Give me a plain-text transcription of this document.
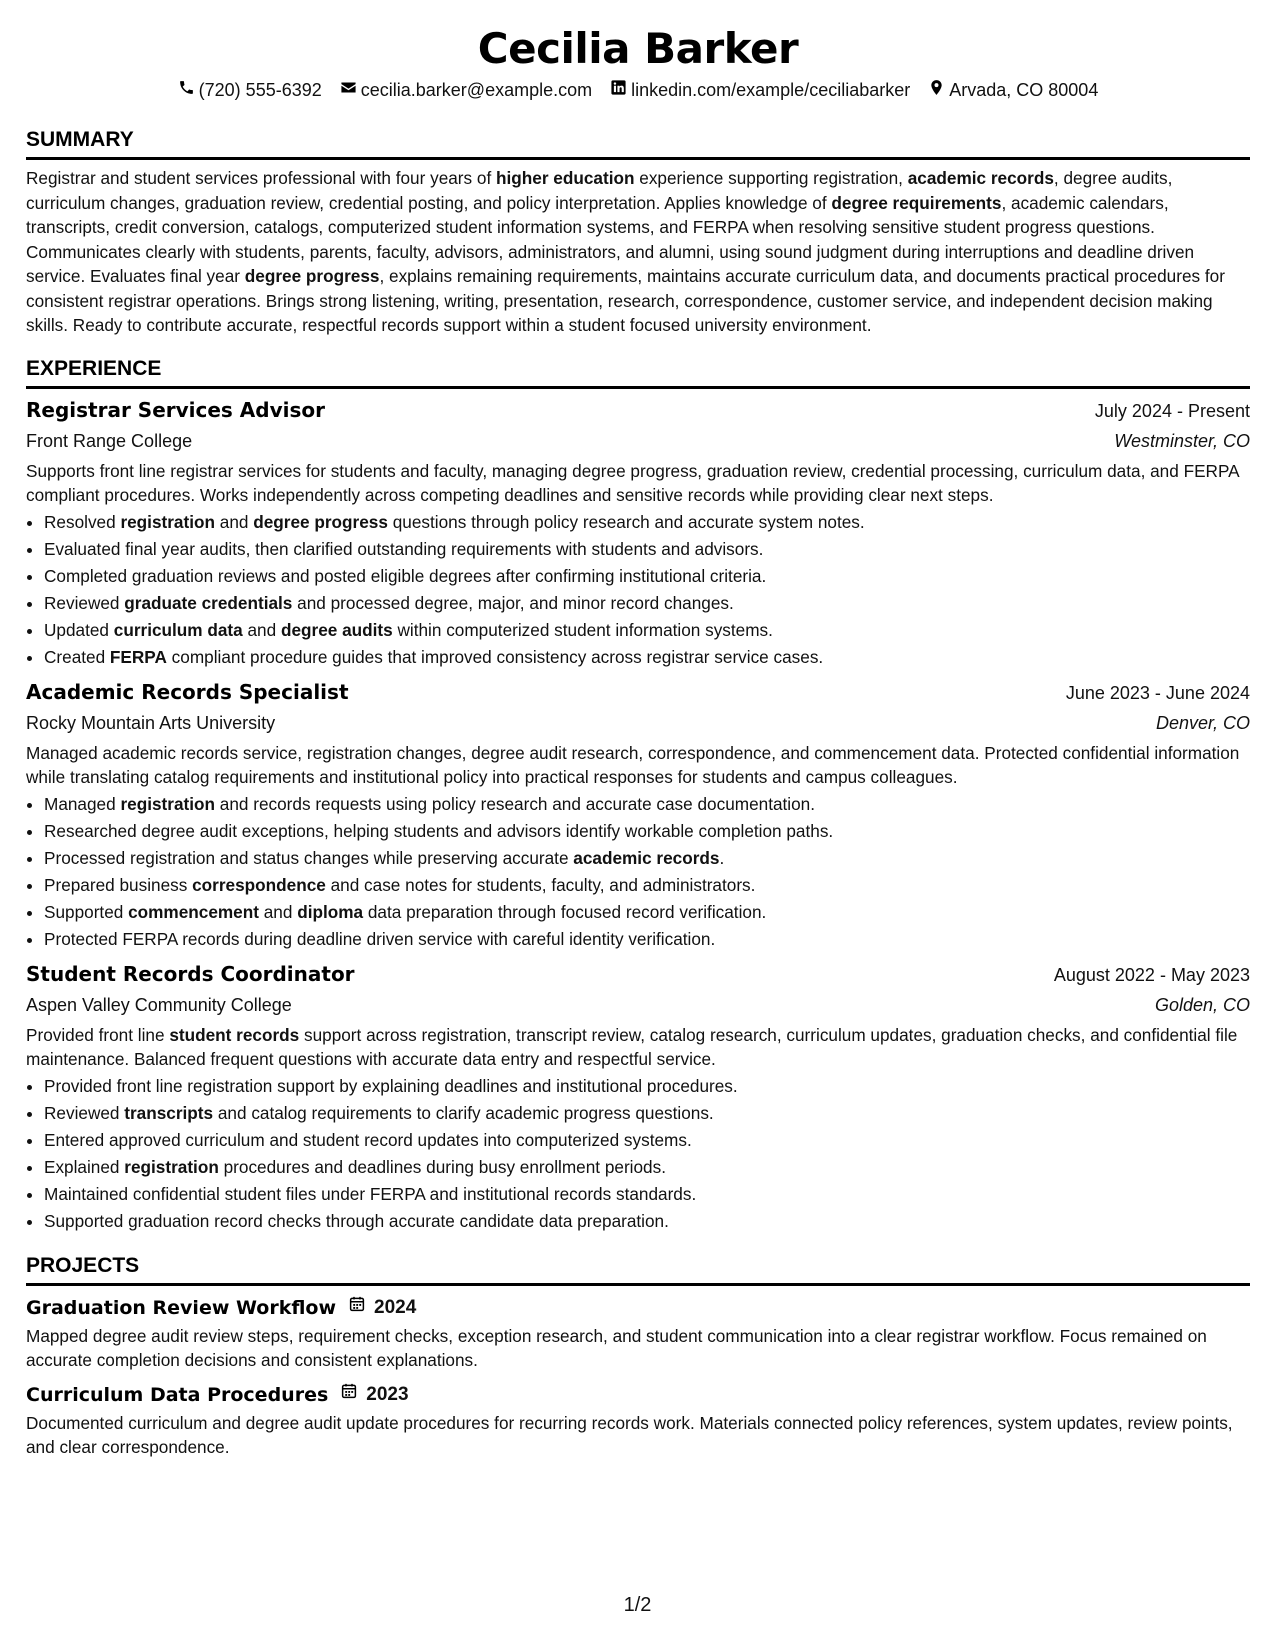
Cecilia Barker
(720) 555-6392 cecilia.barker@example.com linkedin.com/example/ceciliabarker Arvada, CO 80004
SUMMARY

Registrar and student services professional with four years of higher education experience supporting registration, academic records, degree audits, curriculum changes, graduation review, credential posting, and policy interpretation. Applies knowledge of degree requirements, academic calendars, transcripts, credit conversion, catalogs, computerized student information systems, and FERPA when resolving sensitive student progress questions. Communicates clearly with students, parents, faculty, advisors, administrators, and alumni, using sound judgment during interruptions and deadline driven service. Evaluates final year degree progress, explains remaining requirements, maintains accurate curriculum data, and documents practical procedures for consistent registrar operations. Brings strong listening, writing, presentation, research, correspondence, customer service, and independent decision making skills. Ready to contribute accurate, respectful records support within a student focused university environment.

EXPERIENCE
Registrar Services Advisor	July 2024 - Present
Front Range College	Westminster, CO

Supports front line registrar services for students and faculty, managing degree progress, graduation review, credential processing, curriculum data, and FERPA compliant procedures. Works independently across competing deadlines and sensitive records while providing clear next steps.

• Resolved registration and degree progress questions through policy research and accurate system notes.
• Evaluated final year audits, then clarified outstanding requirements with students and advisors.
• Completed graduation reviews and posted eligible degrees after confirming institutional criteria.
• Reviewed graduate credentials and processed degree, major, and minor record changes.
• Updated curriculum data and degree audits within computerized student information systems.
• Created FERPA compliant procedure guides that improved consistency across registrar service cases.
Academic Records Specialist	June 2023 - June 2024
Rocky Mountain Arts University	Denver, CO

Managed academic records service, registration changes, degree audit research, correspondence, and commencement data. Protected confidential information while translating catalog requirements and institutional policy into practical responses for students and campus colleagues.

• Managed registration and records requests using policy research and accurate case documentation.
• Researched degree audit exceptions, helping students and advisors identify workable completion paths.
• Processed registration and status changes while preserving accurate academic records.
• Prepared business correspondence and case notes for students, faculty, and administrators.
• Supported commencement and diploma data preparation through focused record verification.
• Protected FERPA records during deadline driven service with careful identity verification.
Student Records Coordinator	August 2022 - May 2023
Aspen Valley Community College	Golden, CO

Provided front line student records support across registration, transcript review, catalog research, curriculum updates, graduation checks, and confidential file maintenance. Balanced frequent questions with accurate data entry and respectful service.

• Provided front line registration support by explaining deadlines and institutional procedures.
• Reviewed transcripts and catalog requirements to clarify academic progress questions.
• Entered approved curriculum and student record updates into computerized systems.
• Explained registration procedures and deadlines during busy enrollment periods.
• Maintained confidential student files under FERPA and institutional records standards.
• Supported graduation record checks through accurate candidate data preparation.
PROJECTS
Graduation Review Workflow 2024

Mapped degree audit review steps, requirement checks, exception research, and student communication into a clear registrar workflow. Focus remained on accurate completion decisions and consistent explanations.

Curriculum Data Procedures 2023

Documented curriculum and degree audit update procedures for recurring records work. Materials connected policy references, system updates, review points, and clear correspondence.

1/2
